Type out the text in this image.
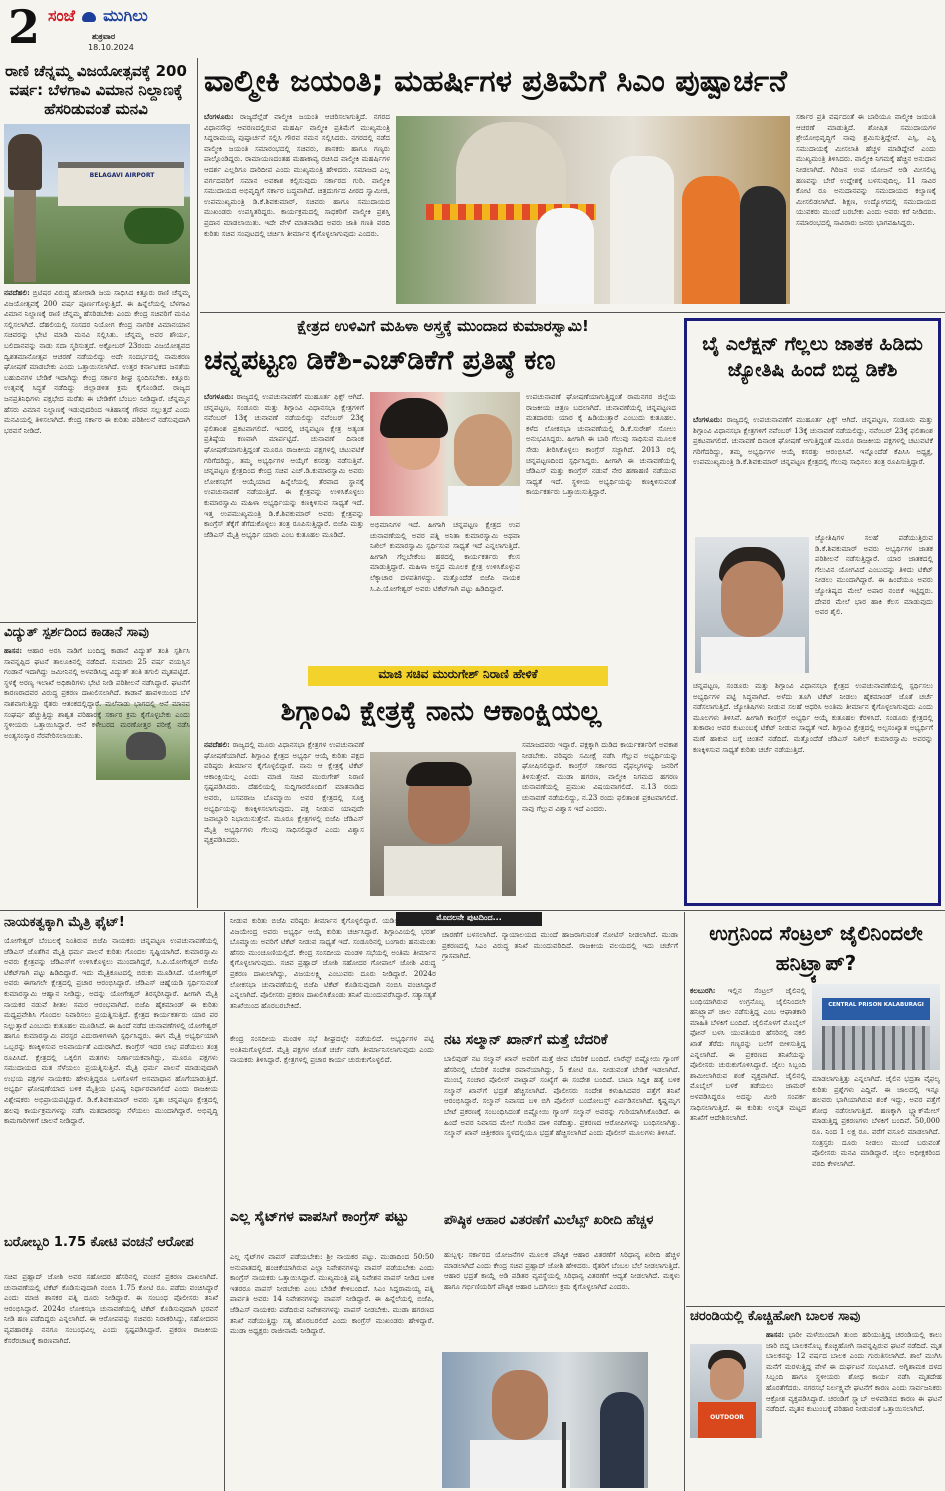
2 ಸಂಜೆ ಮುಗಿಲು
ಶುಕ್ರವಾರ
18.10.2024
ರಾಣಿ ಚೆನ್ನಮ್ಮ ವಿಜಯೋತ್ಸವಕ್ಕೆ 200 ವರ್ಷ: ಬೆಳಗಾವಿ ವಿಮಾನ ನಿಲ್ದಾಣಕ್ಕೆ ಹೆಸರಿಡುವಂತೆ ಮನವಿ
BELAGAVI AIRPORT

ನವದೆಹಲಿ: ಬ್ರಿಟಿಷರ ವಿರುದ್ಧ ಹೋರಾಡಿ ಜಯ ಸಾಧಿಸಿದ ಕಿತ್ತೂರು ರಾಣಿ ಚೆನ್ನಮ್ಮ ವಿಜಯೋತ್ಸವಕ್ಕೆ 200 ವರ್ಷ ಪೂರ್ಣಗೊಳ್ಳುತ್ತಿದೆ. ಈ ಹಿನ್ನೆಲೆಯಲ್ಲಿ ಬೆಳಗಾವಿ ವಿಮಾನ ನಿಲ್ದಾಣಕ್ಕೆ ರಾಣಿ ಚೆನ್ನಮ್ಮ ಹೆಸರಿಡಬೇಕು ಎಂದು ಕೇಂದ್ರ ಸಚಿವರಿಗೆ ಮನವಿ ಸಲ್ಲಿಸಲಾಗಿದೆ. ದೆಹಲಿಯಲ್ಲಿ ಸಂಸದರ ನಿಯೋಗ ಕೇಂದ್ರ ನಾಗರಿಕ ವಿಮಾನಯಾನ ಸಚಿವರನ್ನು ಭೇಟಿ ಮಾಡಿ ಮನವಿ ಸಲ್ಲಿಸಿತು. ಚೆನ್ನಮ್ಮ ಅವರ ಶೌರ್ಯ, ಬಲಿದಾನವನ್ನು ನಾಡು ಸದಾ ಸ್ಮರಿಸುತ್ತದೆ. ಅಕ್ಟೋಬರ್ 23ರಂದು ವಿಜಯೋತ್ಸವದ ದ್ವಿಶತಮಾನೋತ್ಸವ ಆಚರಣೆ ನಡೆಯಲಿದ್ದು ಅದೇ ಸಂದರ್ಭದಲ್ಲಿ ನಾಮಕರಣ ಘೋಷಣೆ ಮಾಡಬೇಕು ಎಂದು ಒತ್ತಾಯಿಸಲಾಗಿದೆ. ಉತ್ತರ ಕರ್ನಾಟಕದ ಜನತೆಯ ಬಹುದಿನಗಳ ಬೇಡಿಕೆ ಇದಾಗಿದ್ದು ಕೇಂದ್ರ ಸರ್ಕಾರ ಶೀಘ್ರ ಸ್ಪಂದಿಸಬೇಕು. ಕಿತ್ತೂರು ಉತ್ಸವಕ್ಕೆ ಸಿದ್ಧತೆ ನಡೆದಿದ್ದು ಜಿಲ್ಲಾಡಳಿತ ಕ್ರಮ ಕೈಗೊಂಡಿದೆ. ರಾಜ್ಯದ ಜನಪ್ರತಿನಿಧಿಗಳು ಪಕ್ಷಭೇದ ಮರೆತು ಈ ಬೇಡಿಕೆಗೆ ಬೆಂಬಲ ನೀಡಿದ್ದಾರೆ. ಚೆನ್ನಮ್ಮನ ಹೆಸರು ವಿಮಾನ ನಿಲ್ದಾಣಕ್ಕೆ ಇಡುವುದರಿಂದ ಇತಿಹಾಸಕ್ಕೆ ಗೌರವ ಸಲ್ಲುತ್ತದೆ ಎಂದು ಮನವಿಯಲ್ಲಿ ತಿಳಿಸಲಾಗಿದೆ. ಕೇಂದ್ರ ಸರ್ಕಾರ ಈ ಕುರಿತು ಪರಿಶೀಲನೆ ನಡೆಸುವುದಾಗಿ ಭರವಸೆ ನೀಡಿದೆ.

ವಿದ್ಯುತ್ ಸ್ಪರ್ಶದಿಂದ ಕಾಡಾನೆ ಸಾವು

ಹಾಸನ: ಆಹಾರ ಅರಸಿ ನಾಡಿಗೆ ಬಂದಿದ್ದ ಕಾಡಾನೆ ವಿದ್ಯುತ್ ತಂತಿ ಸ್ಪರ್ಶಿಸಿ ಸಾವನ್ನಪ್ಪಿದ ಘಟನೆ ತಾಲೂಕಿನಲ್ಲಿ ನಡೆದಿದೆ. ಸುಮಾರು 25 ವರ್ಷ ವಯಸ್ಸಿನ ಗಂಡಾನೆ ಇದಾಗಿದ್ದು ಜಮೀನಿನಲ್ಲಿ ಅಳವಡಿಸಿದ್ದ ವಿದ್ಯುತ್ ತಂತಿ ತಗುಲಿ ಮೃತಪಟ್ಟಿದೆ. ಸ್ಥಳಕ್ಕೆ ಅರಣ್ಯ ಇಲಾಖೆ ಅಧಿಕಾರಿಗಳು ಭೇಟಿ ನೀಡಿ ಪರಿಶೀಲನೆ ನಡೆಸಿದ್ದಾರೆ. ಘಟನೆಗೆ ಕಾರಣರಾದವರ ವಿರುದ್ಧ ಪ್ರಕರಣ ದಾಖಲಿಸಲಾಗಿದೆ. ಕಾಡಾನೆ ಹಾವಳಿಯಿಂದ ಬೆಳೆ ನಾಶವಾಗುತ್ತಿದ್ದು ರೈತರು ಆತಂಕದಲ್ಲಿದ್ದಾರೆ. ಮಲೆನಾಡು ಭಾಗದಲ್ಲಿ ಆನೆ ಮಾನವ ಸಂಘರ್ಷ ಹೆಚ್ಚುತ್ತಿದ್ದು ಶಾಶ್ವತ ಪರಿಹಾರಕ್ಕೆ ಸರ್ಕಾರ ಕ್ರಮ ಕೈಗೊಳ್ಳಬೇಕು ಎಂದು ಸ್ಥಳೀಯರು ಒತ್ತಾಯಿಸಿದ್ದಾರೆ. ಆನೆ ಕಳೇಬರದ ಮರಣೋತ್ತರ ಪರೀಕ್ಷೆ ನಡೆಸಿ ಅಂತ್ಯಸಂಸ್ಕಾರ ನೆರವೇರಿಸಲಾಯಿತು.

ವಾಲ್ಮೀಕಿ ಜಯಂತಿ; ಮಹರ್ಷಿಗಳ ಪ್ರತಿಮೆಗೆ ಸಿಎಂ ಪುಷ್ಪಾರ್ಚನೆ

ಬೆಂಗಳೂರು: ರಾಜ್ಯದೆಲ್ಲೆಡೆ ವಾಲ್ಮೀಕಿ ಜಯಂತಿ ಆಚರಿಸಲಾಗುತ್ತಿದೆ. ನಗರದ ವಿಧಾನಸೌಧ ಆವರಣದಲ್ಲಿರುವ ಮಹರ್ಷಿ ವಾಲ್ಮೀಕಿ ಪ್ರತಿಮೆಗೆ ಮುಖ್ಯಮಂತ್ರಿ ಸಿದ್ದರಾಮಯ್ಯ ಪುಷ್ಪಾರ್ಚನೆ ಸಲ್ಲಿಸಿ ಗೌರವ ನಮನ ಸಲ್ಲಿಸಿದರು. ನಗರದಲ್ಲಿ ನಡೆದ ವಾಲ್ಮೀಕಿ ಜಯಂತಿ ಸಮಾರಂಭದಲ್ಲಿ ಸಚಿವರು, ಶಾಸಕರು ಹಾಗೂ ಗಣ್ಯರು ಪಾಲ್ಗೊಂಡಿದ್ದರು. ರಾಮಾಯಣದಂತಹ ಮಹಾಕಾವ್ಯ ರಚಿಸಿದ ವಾಲ್ಮೀಕಿ ಮಹರ್ಷಿಗಳ ಆದರ್ಶ ಎಲ್ಲರಿಗೂ ದಾರಿದೀಪ ಎಂದು ಮುಖ್ಯಮಂತ್ರಿ ಹೇಳಿದರು. ಸಮಾಜದ ಎಲ್ಲ ವರ್ಗದವರಿಗೆ ಸಮಾನ ಅವಕಾಶ ಕಲ್ಪಿಸುವುದು ಸರ್ಕಾರದ ಗುರಿ. ವಾಲ್ಮೀಕಿ ಸಮುದಾಯದ ಅಭಿವೃದ್ಧಿಗೆ ಸರ್ಕಾರ ಬದ್ಧವಾಗಿದೆ. ಚಿತ್ರದುರ್ಗದ ಪೀಠದ ಸ್ವಾಮೀಜಿ, ಉಪಮುಖ್ಯಮಂತ್ರಿ ಡಿ.ಕೆ.ಶಿವಕುಮಾರ್, ಸಚಿವರು ಹಾಗೂ ಸಮುದಾಯದ ಮುಖಂಡರು ಉಪಸ್ಥಿತರಿದ್ದರು. ಕಾರ್ಯಕ್ರಮದಲ್ಲಿ ಸಾಧಕರಿಗೆ ವಾಲ್ಮೀಕಿ ಪ್ರಶಸ್ತಿ ಪ್ರದಾನ ಮಾಡಲಾಯಿತು. ಇದೇ ವೇಳೆ ಮಾತನಾಡಿದ ಅವರು ಜಾತಿ ಗಣತಿ ವರದಿ ಕುರಿತು ಸಚಿವ ಸಂಪುಟದಲ್ಲಿ ಚರ್ಚಿಸಿ ತೀರ್ಮಾನ ಕೈಗೊಳ್ಳಲಾಗುವುದು ಎಂದರು.

ಸರ್ಕಾರ ಪ್ರತಿ ವರ್ಷದಂತೆ ಈ ಬಾರಿಯೂ ವಾಲ್ಮೀಕಿ ಜಯಂತಿ ಆಚರಣೆ ಮಾಡುತ್ತಿದೆ. ಶೋಷಿತ ಸಮುದಾಯಗಳ ಶ್ರೇಯೋಭಿವೃದ್ಧಿಗೆ ನಾವು ಶ್ರಮಿಸುತ್ತಿದ್ದೇವೆ. ಎಸ್ಸಿ, ಎಸ್ಟಿ ಸಮುದಾಯಕ್ಕೆ ಮೀಸಲಾತಿ ಹೆಚ್ಚಳ ಮಾಡಿದ್ದೇವೆ ಎಂದು ಮುಖ್ಯಮಂತ್ರಿ ತಿಳಿಸಿದರು. ವಾಲ್ಮೀಕಿ ನಿಗಮಕ್ಕೆ ಹೆಚ್ಚಿನ ಅನುದಾನ ನೀಡಲಾಗಿದೆ. ಗಿರಿಜನ ಉಪ ಯೋಜನೆ ಅಡಿ ಮೀಸಲಿಟ್ಟ ಹಣವನ್ನು ಬೇರೆ ಉದ್ದೇಶಕ್ಕೆ ಬಳಸುವುದಿಲ್ಲ. 11 ಸಾವಿರ ಕೋಟಿ ರೂ ಅನುದಾನವನ್ನು ಸಮುದಾಯದ ಕಲ್ಯಾಣಕ್ಕೆ ಮೀಸಲಿಡಲಾಗಿದೆ. ಶಿಕ್ಷಣ, ಉದ್ಯೋಗದಲ್ಲಿ ಸಮುದಾಯದ ಯುವಕರು ಮುಂದೆ ಬರಬೇಕು ಎಂದು ಅವರು ಕರೆ ನೀಡಿದರು. ಸಮಾರಂಭದಲ್ಲಿ ಸಾವಿರಾರು ಜನರು ಭಾಗವಹಿಸಿದ್ದರು.

ಕ್ಷೇತ್ರದ ಉಳಿವಿಗೆ ಮಹಿಳಾ ಅಸ್ತ್ರಕ್ಕೆ ಮುಂದಾದ ಕುಮಾರಸ್ವಾಮಿ!
ಚನ್ನಪಟ್ಟಣ ಡಿಕೆಶಿ-ಎಚ್‌ಡಿಕೆಗೆ ಪ್ರತಿಷ್ಠೆ ಕಣ

ಬೆಂಗಳೂರು: ರಾಜ್ಯದಲ್ಲಿ ಉಪಚುನಾವಣೆಗೆ ಮುಹೂರ್ತ ಫಿಕ್ಸ್ ಆಗಿದೆ. ಚನ್ನಪಟ್ಟಣ, ಸಂಡೂರು ಮತ್ತು ಶಿಗ್ಗಾಂವಿ ವಿಧಾನಸಭಾ ಕ್ಷೇತ್ರಗಳಿಗೆ ನವೆಂಬರ್ 13ಕ್ಕೆ ಚುನಾವಣೆ ನಡೆಯಲಿದ್ದು ನವೆಂಬರ್ 23ಕ್ಕೆ ಫಲಿತಾಂಶ ಪ್ರಕಟವಾಗಲಿದೆ. ಇದರಲ್ಲಿ ಚನ್ನಪಟ್ಟಣ ಕ್ಷೇತ್ರ ಅತ್ಯಂತ ಪ್ರತಿಷ್ಠೆಯ ಕಣವಾಗಿ ಮಾರ್ಪಟ್ಟಿದೆ. ಚುನಾವಣೆ ದಿನಾಂಕ ಘೋಷಣೆಯಾಗುತ್ತಿದ್ದಂತೆ ಮೂರೂ ರಾಜಕೀಯ ಪಕ್ಷಗಳಲ್ಲಿ ಚಟುವಟಿಕೆ ಗರಿಗೆದರಿದ್ದು, ತಮ್ಮ ಅಭ್ಯರ್ಥಿಗಳ ಆಯ್ಕೆಗೆ ಕಸರತ್ತು ನಡೆಸುತ್ತಿವೆ. ಚನ್ನಪಟ್ಟಣ ಕ್ಷೇತ್ರದಿಂದ ಕೇಂದ್ರ ಸಚಿವ ಎಚ್.ಡಿ.ಕುಮಾರಸ್ವಾಮಿ ಅವರು ಲೋಕಸಭೆಗೆ ಆಯ್ಕೆಯಾದ ಹಿನ್ನೆಲೆಯಲ್ಲಿ ತೆರವಾದ ಸ್ಥಾನಕ್ಕೆ ಉಪಚುನಾವಣೆ ನಡೆಯುತ್ತಿದೆ. ಈ ಕ್ಷೇತ್ರವನ್ನು ಉಳಿಸಿಕೊಳ್ಳಲು ಕುಮಾರಸ್ವಾಮಿ ಮಹಿಳಾ ಅಭ್ಯರ್ಥಿಯನ್ನು ಕಣಕ್ಕಿಳಿಸುವ ಸಾಧ್ಯತೆ ಇದೆ. ಇತ್ತ ಉಪಮುಖ್ಯಮಂತ್ರಿ ಡಿ.ಕೆ.ಶಿವಕುಮಾರ್ ಅವರು ಕ್ಷೇತ್ರವನ್ನು ಕಾಂಗ್ರೆಸ್ ತೆಕ್ಕೆಗೆ ತೆಗೆದುಕೊಳ್ಳಲು ತಂತ್ರ ರೂಪಿಸುತ್ತಿದ್ದಾರೆ. ಬಿಜೆಪಿ ಮತ್ತು ಜೆಡಿಎಸ್ ಮೈತ್ರಿ ಅಭ್ಯರ್ಥಿ ಯಾರು ಎಂಬ ಕುತೂಹಲ ಮೂಡಿದೆ.

ಅಭಿಮಾನಿಗಳ ಇದೆ. ಹೀಗಾಗಿ ಚನ್ನಪಟ್ಟಣ ಕ್ಷೇತ್ರದ ಉಪ ಚುನಾವಣೆಯಲ್ಲಿ ಅವರ ಪತ್ನಿ ಅನಿತಾ ಕುಮಾರಸ್ವಾಮಿ ಅಥವಾ ನಿಖಿಲ್ ಕುಮಾರಸ್ವಾಮಿ ಸ್ಪರ್ಧಿಸುವ ಸಾಧ್ಯತೆ ಇದೆ ಎನ್ನಲಾಗುತ್ತಿದೆ. ಹೀಗಾಗಿ ಗೆಲ್ಲಬೇಕೆಂಬ ಹಠದಲ್ಲಿ ಕಾರ್ಯಕರ್ತರು ಕೆಲಸ ಮಾಡುತ್ತಿದ್ದಾರೆ. ಮಹಿಳಾ ಅಸ್ತ್ರದ ಮೂಲಕ ಕ್ಷೇತ್ರ ಉಳಿಸಿಕೊಳ್ಳುವ ಲೆಕ್ಕಾಚಾರ ದಳಪತಿಗಳದ್ದು. ಮತ್ತೊಂದೆಡೆ ಬಿಜೆಪಿ ನಾಯಕ ಸಿ.ಪಿ.ಯೋಗೇಶ್ವರ್ ಅವರು ಟಿಕೆಟ್‌ಗಾಗಿ ಪಟ್ಟು ಹಿಡಿದಿದ್ದಾರೆ.

ಉಪಚುನಾವಣೆ ಘೋಷಣೆಯಾಗುತ್ತಿದ್ದಂತೆ ರಾಮನಗರ ಜಿಲ್ಲೆಯ ರಾಜಕೀಯ ಚಿತ್ರಣ ಬದಲಾಗಿದೆ. ಚುನಾವಣೆಯಲ್ಲಿ ಚನ್ನಪಟ್ಟಣದ ಮತದಾರರು ಯಾರ ಕೈ ಹಿಡಿಯುತ್ತಾರೆ ಎಂಬುದು ಕುತೂಹಲ. ಕಳೆದ ಲೋಕಸಭಾ ಚುನಾವಣೆಯಲ್ಲಿ ಡಿ.ಕೆ.ಸುರೇಶ್ ಸೋಲು ಅನುಭವಿಸಿದ್ದರು. ಹೀಗಾಗಿ ಈ ಬಾರಿ ಗೆಲುವು ಸಾಧಿಸುವ ಮೂಲಕ ಸೇಡು ತೀರಿಸಿಕೊಳ್ಳಲು ಕಾಂಗ್ರೆಸ್ ಸಜ್ಜಾಗಿದೆ. 2013 ರಲ್ಲಿ ಚನ್ನಪಟ್ಟಣದಿಂದ ಸ್ಪರ್ಧಿಸಿದ್ದರು. ಹೀಗಾಗಿ ಈ ಚುನಾವಣೆಯಲ್ಲಿ ಜೆಡಿಎಸ್ ಮತ್ತು ಕಾಂಗ್ರೆಸ್ ನಡುವೆ ನೇರ ಹಣಾಹಣಿ ನಡೆಯುವ ಸಾಧ್ಯತೆ ಇದೆ. ಸ್ಥಳೀಯ ಅಭ್ಯರ್ಥಿಯನ್ನು ಕಣಕ್ಕಿಳಿಸುವಂತೆ ಕಾರ್ಯಕರ್ತರು ಒತ್ತಾಯಿಸುತ್ತಿದ್ದಾರೆ.

ಬೈ ಎಲೆಕ್ಷನ್ ಗೆಲ್ಲಲು ಜಾತಕ ಹಿಡಿದು ಜ್ಯೋತಿಷಿ ಹಿಂದೆ ಬಿದ್ದ ಡಿಕೆಶಿ

ಬೆಂಗಳೂರು: ರಾಜ್ಯದಲ್ಲಿ ಉಪಚುನಾವಣೆಗೆ ಮುಹೂರ್ತ ಫಿಕ್ಸ್ ಆಗಿದೆ. ಚನ್ನಪಟ್ಟಣ, ಸಂಡೂರು ಮತ್ತು ಶಿಗ್ಗಾಂವಿ ವಿಧಾನಸಭಾ ಕ್ಷೇತ್ರಗಳಿಗೆ ನವೆಂಬರ್ 13ಕ್ಕೆ ಚುನಾವಣೆ ನಡೆಯಲಿದ್ದು, ನವೆಂಬರ್ 23ಕ್ಕೆ ಫಲಿತಾಂಶ ಪ್ರಕಟವಾಗಲಿದೆ. ಚುನಾವಣೆ ದಿನಾಂಕ ಘೋಷಣೆ ಆಗುತ್ತಿದ್ದಂತೆ ಮೂರೂ ರಾಜಕೀಯ ಪಕ್ಷಗಳಲ್ಲಿ ಚಟುವಟಿಕೆ ಗರಿಗೆದರಿದ್ದು, ತಮ್ಮ ಅಭ್ಯರ್ಥಿಗಳ ಆಯ್ಕೆ ಕಸರತ್ತು ಆರಂಭಿಸಿವೆ. ಇನ್ನೊಂದೆಡೆ ಕೆಪಿಸಿಸಿ ಅಧ್ಯಕ್ಷ, ಉಪಮುಖ್ಯಮಂತ್ರಿ ಡಿ.ಕೆ.ಶಿವಕುಮಾರ್ ಚನ್ನಪಟ್ಟಣ ಕ್ಷೇತ್ರದಲ್ಲಿ ಗೆಲುವು ಸಾಧಿಸಲು ತಂತ್ರ ರೂಪಿಸುತ್ತಿದ್ದಾರೆ.

ಜ್ಯೋತಿಷಿಗಳ ಸಲಹೆ ಪಡೆಯುತ್ತಿರುವ ಡಿ.ಕೆ.ಶಿವಕುಮಾರ್ ಅವರು ಅಭ್ಯರ್ಥಿಗಳ ಜಾತಕ ಪರಿಶೀಲನೆ ನಡೆಸುತ್ತಿದ್ದಾರೆ. ಯಾರ ಜಾತಕದಲ್ಲಿ ಗೆಲುವಿನ ಯೋಗವಿದೆ ಎಂಬುದನ್ನು ತಿಳಿದು ಟಿಕೆಟ್ ನೀಡಲು ಮುಂದಾಗಿದ್ದಾರೆ. ಈ ಹಿಂದೆಯೂ ಅವರು ಜ್ಯೋತಿಷ್ಯದ ಮೇಲೆ ಅಪಾರ ನಂಬಿಕೆ ಇಟ್ಟಿದ್ದರು. ದೇವರ ಮೇಲೆ ಭಾರ ಹಾಕಿ ಕೆಲಸ ಮಾಡುವುದು ಅವರ ಶೈಲಿ.

ಚನ್ನಪಟ್ಟಣ, ಸಂಡೂರು ಮತ್ತು ಶಿಗ್ಗಾಂವಿ ವಿಧಾನಸಭಾ ಕ್ಷೇತ್ರದ ಉಪಚುನಾವಣೆಯಲ್ಲಿ ಸ್ಪರ್ಧಿಸಲು ಅಭ್ಯರ್ಥಿಗಳ ಪಟ್ಟಿ ಸಿದ್ಧವಾಗಿದೆ. ಅಳೆದು ತೂಗಿ ಟಿಕೆಟ್ ನೀಡಲು ಹೈಕಮಾಂಡ್ ಜೊತೆ ಚರ್ಚೆ ನಡೆಸಲಾಗುತ್ತಿದೆ. ಜ್ಯೋತಿಷಿಗಳು ನೀಡುವ ಸಲಹೆ ಆಧರಿಸಿ ಅಂತಿಮ ತೀರ್ಮಾನ ಕೈಗೊಳ್ಳಲಾಗುವುದು ಎಂದು ಮೂಲಗಳು ತಿಳಿಸಿವೆ. ಹೀಗಾಗಿ ಕಾಂಗ್ರೆಸ್ ಅಭ್ಯರ್ಥಿ ಆಯ್ಕೆ ಕುತೂಹಲ ಕೆರಳಿಸಿದೆ. ಸಂಡೂರು ಕ್ಷೇತ್ರದಲ್ಲಿ ತುಕಾರಾಂ ಅವರ ಕುಟುಂಬಕ್ಕೆ ಟಿಕೆಟ್ ನೀಡುವ ಸಾಧ್ಯತೆ ಇದೆ. ಶಿಗ್ಗಾಂವಿ ಕ್ಷೇತ್ರದಲ್ಲಿ ಅಲ್ಪಸಂಖ್ಯಾತ ಅಭ್ಯರ್ಥಿಗೆ ಮಣೆ ಹಾಕುವ ಬಗ್ಗೆ ಚಿಂತನೆ ನಡೆದಿದೆ. ಮತ್ತೊಂದೆಡೆ ಜೆಡಿಎಸ್ ನಿಖಿಲ್ ಕುಮಾರಸ್ವಾಮಿ ಅವರನ್ನು ಕಣಕ್ಕಿಳಿಸುವ ಸಾಧ್ಯತೆ ಕುರಿತು ಚರ್ಚೆ ನಡೆಯುತ್ತಿದೆ.

ಮಾಜಿ ಸಚಿವ ಮುರುಗೇಶ್ ನಿರಾಣಿ ಹೇಳಿಕೆ
ಶಿಗ್ಗಾಂವಿ ಕ್ಷೇತ್ರಕ್ಕೆ ನಾನು ಆಕಾಂಕ್ಷಿಯಲ್ಲ

ನವದೆಹಲಿ: ರಾಜ್ಯದಲ್ಲಿ ಮೂರು ವಿಧಾನಸಭಾ ಕ್ಷೇತ್ರಗಳ ಉಪಚುನಾವಣೆ ಘೋಷಣೆಯಾಗಿದೆ. ಶಿಗ್ಗಾಂವಿ ಕ್ಷೇತ್ರದ ಅಭ್ಯರ್ಥಿ ಆಯ್ಕೆ ಕುರಿತು ಪಕ್ಷದ ವರಿಷ್ಠರು ತೀರ್ಮಾನ ಕೈಗೊಳ್ಳಲಿದ್ದಾರೆ. ನಾನು ಆ ಕ್ಷೇತ್ರಕ್ಕೆ ಟಿಕೆಟ್ ಆಕಾಂಕ್ಷಿಯಲ್ಲ ಎಂದು ಮಾಜಿ ಸಚಿವ ಮುರುಗೇಶ್ ನಿರಾಣಿ ಸ್ಪಷ್ಟಪಡಿಸಿದರು. ದೆಹಲಿಯಲ್ಲಿ ಸುದ್ದಿಗಾರರೊಂದಿಗೆ ಮಾತನಾಡಿದ ಅವರು, ಬಸವರಾಜ ಬೊಮ್ಮಾಯಿ ಅವರ ಕ್ಷೇತ್ರದಲ್ಲಿ ಸೂಕ್ತ ಅಭ್ಯರ್ಥಿಯನ್ನು ಕಣಕ್ಕಿಳಿಸಲಾಗುವುದು. ಪಕ್ಷ ನೀಡುವ ಯಾವುದೇ ಜವಾಬ್ದಾರಿ ನಿಭಾಯಿಸುತ್ತೇನೆ. ಮೂರೂ ಕ್ಷೇತ್ರಗಳಲ್ಲಿ ಬಿಜೆಪಿ ಜೆಡಿಎಸ್ ಮೈತ್ರಿ ಅಭ್ಯರ್ಥಿಗಳು ಗೆಲುವು ಸಾಧಿಸಲಿದ್ದಾರೆ ಎಂದು ವಿಶ್ವಾಸ ವ್ಯಕ್ತಪಡಿಸಿದರು.

ಸಮಾಜದವರು ಇದ್ದಾರೆ. ಪಕ್ಷಕ್ಕಾಗಿ ದುಡಿದ ಕಾರ್ಯಕರ್ತರಿಗೆ ಅವಕಾಶ ನೀಡಬೇಕು. ವರಿಷ್ಠರು ಸಮೀಕ್ಷೆ ನಡೆಸಿ ಗೆಲ್ಲುವ ಅಭ್ಯರ್ಥಿಯನ್ನು ಘೋಷಿಸಲಿದ್ದಾರೆ. ಕಾಂಗ್ರೆಸ್ ಸರ್ಕಾರದ ವೈಫಲ್ಯಗಳನ್ನು ಜನರಿಗೆ ತಿಳಿಸುತ್ತೇವೆ. ಮುಡಾ ಹಗರಣ, ವಾಲ್ಮೀಕಿ ನಿಗಮದ ಹಗರಣ ಚುನಾವಣೆಯಲ್ಲಿ ಪ್ರಮುಖ ವಿಷಯವಾಗಲಿದೆ. ನ.13 ರಂದು ಚುನಾವಣೆ ನಡೆಯಲಿದ್ದು, ನ.23 ರಂದು ಫಲಿತಾಂಶ ಪ್ರಕಟವಾಗಲಿದೆ. ನಾವು ಗೆಲ್ಲುವ ವಿಶ್ವಾಸ ಇದೆ ಎಂದರು.

ನಾಯಕತ್ವಕ್ಕಾಗಿ ಮೈತ್ರಿ ಫೈಟ್!

ಯೋಗೇಶ್ವರ್ ಬೆಂಬಲಕ್ಕೆ ನಿಂತಿರುವ ಬಿಜೆಪಿ ನಾಯಕರು ಚನ್ನಪಟ್ಟಣ ಉಪಚುನಾವಣೆಯಲ್ಲಿ ಜೆಡಿಎಸ್ ಜೊತೆಗಿನ ಮೈತ್ರಿ ಧರ್ಮ ಪಾಲನೆ ಕುರಿತು ಗೊಂದಲ ಸೃಷ್ಟಿಯಾಗಿದೆ. ಕುಮಾರಸ್ವಾಮಿ ಅವರು ಕ್ಷೇತ್ರವನ್ನು ಜೆಡಿಎಸ್‌ಗೆ ಉಳಿಸಿಕೊಳ್ಳಲು ಮುಂದಾಗಿದ್ದರೆ, ಸಿ.ಪಿ.ಯೋಗೇಶ್ವರ್ ಬಿಜೆಪಿ ಟಿಕೆಟ್‌ಗಾಗಿ ಪಟ್ಟು ಹಿಡಿದಿದ್ದಾರೆ. ಇದು ಮೈತ್ರಿಕೂಟದಲ್ಲಿ ಬಿರುಕು ಮೂಡಿಸಿದೆ. ಯೋಗೇಶ್ವರ್ ಅವರು ಈಗಾಗಲೇ ಕ್ಷೇತ್ರದಲ್ಲಿ ಪ್ರಚಾರ ಆರಂಭಿಸಿದ್ದಾರೆ. ಜೆಡಿಎಸ್ ಚಿಹ್ನೆಯಡಿ ಸ್ಪರ್ಧಿಸುವಂತೆ ಕುಮಾರಸ್ವಾಮಿ ಆಹ್ವಾನ ನೀಡಿದ್ದು, ಅದನ್ನು ಯೋಗೇಶ್ವರ್ ತಿರಸ್ಕರಿಸಿದ್ದಾರೆ. ಹೀಗಾಗಿ ಮೈತ್ರಿ ನಾಯಕರ ನಡುವೆ ಶೀತಲ ಸಮರ ಆರಂಭವಾಗಿದೆ. ಬಿಜೆಪಿ ಹೈಕಮಾಂಡ್ ಈ ಕುರಿತು ಮಧ್ಯಪ್ರವೇಶಿಸಿ ಗೊಂದಲ ನಿವಾರಿಸಲು ಪ್ರಯತ್ನಿಸುತ್ತಿದೆ. ಕ್ಷೇತ್ರದ ಕಾರ್ಯಕರ್ತರು ಯಾರ ಪರ ನಿಲ್ಲುತ್ತಾರೆ ಎಂಬುದು ಕುತೂಹಲ ಮೂಡಿಸಿದೆ. ಈ ಹಿಂದೆ ನಡೆದ ಚುನಾವಣೆಗಳಲ್ಲಿ ಯೋಗೇಶ್ವರ್ ಹಾಗೂ ಕುಮಾರಸ್ವಾಮಿ ಪರಸ್ಪರ ಎದುರಾಳಿಗಳಾಗಿ ಸ್ಪರ್ಧಿಸಿದ್ದರು. ಈಗ ಮೈತ್ರಿ ಅಭ್ಯರ್ಥಿಯಾಗಿ ಒಬ್ಬರನ್ನು ಕಣಕ್ಕಿಳಿಸುವ ಅನಿವಾರ್ಯತೆ ಎದುರಾಗಿದೆ. ಕಾಂಗ್ರೆಸ್ ಇದರ ಲಾಭ ಪಡೆಯಲು ತಂತ್ರ ರೂಪಿಸಿದೆ. ಕ್ಷೇತ್ರದಲ್ಲಿ ಒಕ್ಕಲಿಗ ಮತಗಳು ನಿರ್ಣಾಯಕವಾಗಿದ್ದು, ಮೂರೂ ಪಕ್ಷಗಳು ಸಮುದಾಯದ ಮತ ಸೆಳೆಯಲು ಪ್ರಯತ್ನಿಸುತ್ತಿವೆ. ಮೈತ್ರಿ ಧರ್ಮ ಪಾಲನೆ ಮಾಡುವುದಾಗಿ ಉಭಯ ಪಕ್ಷಗಳ ನಾಯಕರು ಹೇಳುತ್ತಿದ್ದರೂ ಒಳಗೊಳಗೆ ಅಸಮಾಧಾನ ಹೊಗೆಯಾಡುತ್ತಿದೆ. ಅಭ್ಯರ್ಥಿ ಘೋಷಣೆಯಾದ ಬಳಿಕ ಮೈತ್ರಿಯ ಭವಿಷ್ಯ ನಿರ್ಧಾರವಾಗಲಿದೆ ಎಂದು ರಾಜಕೀಯ ವಿಶ್ಲೇಷಕರು ಅಭಿಪ್ರಾಯಪಟ್ಟಿದ್ದಾರೆ. ಡಿ.ಕೆ.ಶಿವಕುಮಾರ್ ಅವರು ಸ್ವತಃ ಚನ್ನಪಟ್ಟಣ ಕ್ಷೇತ್ರದಲ್ಲಿ ಹಲವು ಕಾರ್ಯಕ್ರಮಗಳನ್ನು ನಡೆಸಿ ಮತದಾರರನ್ನು ಸೆಳೆಯಲು ಮುಂದಾಗಿದ್ದಾರೆ. ಅಭಿವೃದ್ಧಿ ಕಾಮಗಾರಿಗಳಿಗೆ ಚಾಲನೆ ನೀಡಿದ್ದಾರೆ.

ಬರೋಬ್ಬರಿ 1.75 ಕೋಟಿ ವಂಚನೆ ಆರೋಪ

ಸಚಿವ ಪ್ರಹ್ಲಾದ್ ಜೋಶಿ ಅವರ ಸಹೋದರ ಹೆಸರಿನಲ್ಲಿ ವಂಚನೆ ಪ್ರಕರಣ ದಾಖಲಾಗಿದೆ. ಚುನಾವಣೆಯಲ್ಲಿ ಟಿಕೆಟ್ ಕೊಡಿಸುವುದಾಗಿ ನಂಬಿಸಿ 1.75 ಕೋಟಿ ರೂ. ಪಡೆದು ವಂಚಿಸಿದ್ದಾರೆ ಎಂದು ಮಾಜಿ ಶಾಸಕರ ಪತ್ನಿ ದೂರು ನೀಡಿದ್ದಾರೆ. ಈ ಸಂಬಂಧ ಪೊಲೀಸರು ತನಿಖೆ ಆರಂಭಿಸಿದ್ದಾರೆ. 2024ರ ಲೋಕಸಭಾ ಚುನಾವಣೆಯಲ್ಲಿ ಟಿಕೆಟ್ ಕೊಡಿಸುವುದಾಗಿ ಭರವಸೆ ನೀಡಿ ಹಣ ಪಡೆದಿದ್ದರು ಎನ್ನಲಾಗಿದೆ. ಈ ಆರೋಪವನ್ನು ಸಚಿವರು ನಿರಾಕರಿಸಿದ್ದು, ಸಹೋದರನ ವ್ಯವಹಾರಕ್ಕೂ ನನಗೂ ಸಂಬಂಧವಿಲ್ಲ ಎಂದು ಸ್ಪಷ್ಟಪಡಿಸಿದ್ದಾರೆ. ಪ್ರಕರಣ ರಾಜಕೀಯ ಕೆಸರೆರಚಾಟಕ್ಕೆ ಕಾರಣವಾಗಿದೆ.

ಮೊದಲನೇ ಪುಟದಿಂದ...

ನೀಡುವ ಕುರಿತು ಬಿಜೆಪಿ ವರಿಷ್ಠರು ತೀರ್ಮಾನ ಕೈಗೊಳ್ಳಲಿದ್ದಾರೆ. ಯಡಿಯೂರಪ್ಪ ಹಾಗೂ ವಿಜಯೇಂದ್ರ ಅವರು ಅಭ್ಯರ್ಥಿ ಆಯ್ಕೆ ಕುರಿತು ಚರ್ಚಿಸಿದ್ದಾರೆ. ಶಿಗ್ಗಾಂವಿಯಲ್ಲಿ ಭರತ್ ಬೊಮ್ಮಾಯಿ ಅವರಿಗೆ ಟಿಕೆಟ್ ನೀಡುವ ಸಾಧ್ಯತೆ ಇದೆ. ಸಂಡೂರಿನಲ್ಲಿ ಬಂಗಾರು ಹನುಮಂತು ಹೆಸರು ಮುಂಚೂಣಿಯಲ್ಲಿದೆ. ಕೇಂದ್ರ ಸಂಸದೀಯ ಮಂಡಳಿ ಸಭೆಯಲ್ಲಿ ಅಂತಿಮ ತೀರ್ಮಾನ ಕೈಗೊಳ್ಳಲಾಗುವುದು. ಸಚಿವ ಪ್ರಹ್ಲಾದ್ ಜೋಶಿ ಸಹೋದರ ಗೋಪಾಲ್ ಜೋಶಿ ವಿರುದ್ಧ ಪ್ರಕರಣ ದಾಖಲಾಗಿದ್ದು, ವಿಜಯಲಕ್ಷ್ಮಿ ಎಂಬುವರು ದೂರು ನೀಡಿದ್ದಾರೆ. 2024ರ ಲೋಕಸಭಾ ಚುನಾವಣೆಯಲ್ಲಿ ಬಿಜೆಪಿ ಟಿಕೆಟ್ ಕೊಡಿಸುವುದಾಗಿ ನಂಬಿಸಿ ವಂಚಿಸಿದ್ದಾರೆ ಎನ್ನಲಾಗಿದೆ. ಪೊಲೀಸರು ಪ್ರಕರಣ ದಾಖಲಿಸಿಕೊಂಡು ತನಿಖೆ ಮುಂದುವರೆಸಿದ್ದಾರೆ. ಸತ್ಯಾಸತ್ಯತೆ ತನಿಖೆಯಿಂದ ಹೊರಬರಬೇಕಿದೆ.

ಚಾರಣೆಗೆ ಬಳಸಲಾಗಿದೆ. ನ್ಯಾಯಾಲಯದ ಮುಂದೆ ಹಾಜರಾಗುವಂತೆ ನೋಟಿಸ್ ನೀಡಲಾಗಿದೆ. ಮುಡಾ ಪ್ರಕರಣದಲ್ಲಿ ಸಿಎಂ ವಿರುದ್ಧ ತನಿಖೆ ಮುಂದುವರಿದಿದೆ. ರಾಜಕೀಯ ವಲಯದಲ್ಲಿ ಇದು ಚರ್ಚೆಗೆ ಗ್ರಾಸವಾಗಿದೆ.

ನಟ ಸಲ್ಮಾನ್ ಖಾನ್‌ಗೆ ಮತ್ತೆ ಬೆದರಿಕೆ

ಬಾಲಿವುಡ್ ನಟ ಸಲ್ಮಾನ್ ಖಾನ್ ಅವರಿಗೆ ಮತ್ತೆ ಜೀವ ಬೆದರಿಕೆ ಬಂದಿದೆ. ಲಾರೆನ್ಸ್ ಬಿಷ್ಣೋಯಿ ಗ್ಯಾಂಗ್ ಹೆಸರಿನಲ್ಲಿ ಬೆದರಿಕೆ ಸಂದೇಶ ರವಾನೆಯಾಗಿದ್ದು, 5 ಕೋಟಿ ರೂ. ನೀಡುವಂತೆ ಬೇಡಿಕೆ ಇಡಲಾಗಿದೆ. ಮುಂಬೈ ಸಂಚಾರ ಪೊಲೀಸ್ ವಾಟ್ಸಾಪ್ ಸಂಖ್ಯೆಗೆ ಈ ಸಂದೇಶ ಬಂದಿದೆ. ಬಾಬಾ ಸಿದ್ದಿಕಿ ಹತ್ಯೆ ಬಳಿಕ ಸಲ್ಮಾನ್ ಖಾನ್‌ಗೆ ಭದ್ರತೆ ಹೆಚ್ಚಿಸಲಾಗಿದೆ. ಪೊಲೀಸರು ಸಂದೇಶ ಕಳುಹಿಸಿದವರ ಪತ್ತೆಗೆ ತನಿಖೆ ಆರಂಭಿಸಿದ್ದಾರೆ. ಸಲ್ಮಾನ್ ನಿವಾಸದ ಬಳಿ ಬಿಗಿ ಪೊಲೀಸ್ ಬಂದೋಬಸ್ತ್ ಏರ್ಪಡಿಸಲಾಗಿದೆ. ಕೃಷ್ಣಮೃಗ ಬೇಟೆ ಪ್ರಕರಣಕ್ಕೆ ಸಂಬಂಧಿಸಿದಂತೆ ಬಿಷ್ಣೋಯಿ ಗ್ಯಾಂಗ್ ಸಲ್ಮಾನ್ ಅವರನ್ನು ಗುರಿಯಾಗಿಸಿಕೊಂಡಿದೆ. ಈ ಹಿಂದೆ ಅವರ ನಿವಾಸದ ಮೇಲೆ ಗುಂಡಿನ ದಾಳಿ ನಡೆದಿತ್ತು. ಪ್ರಕರಣದ ಆರೋಪಿಗಳನ್ನು ಬಂಧಿಸಲಾಗಿತ್ತು. ಸಲ್ಮಾನ್ ಖಾನ್ ಚಿತ್ರೀಕರಣ ಸ್ಥಳದಲ್ಲಿಯೂ ಭದ್ರತೆ ಹೆಚ್ಚಿಸಲಾಗಿದೆ ಎಂದು ಪೊಲೀಸ್ ಮೂಲಗಳು ತಿಳಿಸಿವೆ.

ಕೇಂದ್ರ ಸಂಸದೀಯ ಮಂಡಳಿ ಸಭೆ ಶೀಘ್ರದಲ್ಲೇ ನಡೆಯಲಿದೆ. ಅಭ್ಯರ್ಥಿಗಳ ಪಟ್ಟಿ ಅಂತಿಮಗೊಳ್ಳಲಿದೆ. ಮೈತ್ರಿ ಪಕ್ಷಗಳ ಜೊತೆ ಚರ್ಚೆ ನಡೆಸಿ ತೀರ್ಮಾನಿಸಲಾಗುವುದು ಎಂದು ನಾಯಕರು ತಿಳಿಸಿದ್ದಾರೆ. ಕ್ಷೇತ್ರಗಳಲ್ಲಿ ಪ್ರಚಾರ ಕಾರ್ಯ ಚುರುಕುಗೊಳ್ಳಲಿದೆ.

ಎಲ್ಲ ಸೈಟ್‌ಗಳ ವಾಪಸಿಗೆ ಕಾಂಗ್ರೆಸ್ ಪಟ್ಟು

ಎಲ್ಲ ಸೈಟ್‌ಗಳ ವಾಪಸ್ ಪಡೆಯಬೇಕು: ಶ್ರೀ ನಾಯಕರ ಪಟ್ಟು. ಮುಡಾದಿಂದ 50:50 ಅನುಪಾತದಲ್ಲಿ ಹಂಚಿಕೆಯಾಗಿರುವ ಎಲ್ಲಾ ನಿವೇಶನಗಳನ್ನು ವಾಪಸ್ ಪಡೆಯಬೇಕು ಎಂದು ಕಾಂಗ್ರೆಸ್ ನಾಯಕರು ಒತ್ತಾಯಿಸಿದ್ದಾರೆ. ಮುಖ್ಯಮಂತ್ರಿ ಪತ್ನಿ ನಿವೇಶನ ವಾಪಸ್ ನೀಡಿದ ಬಳಿಕ ಇತರರೂ ವಾಪಸ್ ನೀಡಬೇಕು ಎಂಬ ಬೇಡಿಕೆ ಕೇಳಿಬಂದಿದೆ. ಸಿಎಂ ಸಿದ್ದರಾಮಯ್ಯ ಪತ್ನಿ ಪಾರ್ವತಿ ಅವರು 14 ನಿವೇಶನಗಳನ್ನು ವಾಪಸ್ ನೀಡಿದ್ದಾರೆ. ಈ ಹಿನ್ನೆಲೆಯಲ್ಲಿ ಬಿಜೆಪಿ, ಜೆಡಿಎಸ್ ನಾಯಕರು ಪಡೆದಿರುವ ನಿವೇಶನಗಳನ್ನು ವಾಪಸ್ ನೀಡಬೇಕು. ಮುಡಾ ಹಗರಣದ ತನಿಖೆ ನಡೆಯುತ್ತಿದ್ದು ಸತ್ಯ ಹೊರಬರಲಿದೆ ಎಂದು ಕಾಂಗ್ರೆಸ್ ಮುಖಂಡರು ಹೇಳಿದ್ದಾರೆ. ಮುಡಾ ಅಧ್ಯಕ್ಷರು ರಾಜೀನಾಮೆ ನೀಡಿದ್ದಾರೆ.

ಪೌಷ್ಠಿಕ ಆಹಾರ ವಿತರಣೆಗೆ ಮಿಲೆಟ್ಸ್ ಖರೀದಿ ಹೆಚ್ಚಳ

ಹುಬ್ಬಳ್ಳಿ: ಸರ್ಕಾರದ ಯೋಜನೆಗಳ ಮೂಲಕ ಪೌಷ್ಠಿಕ ಆಹಾರ ವಿತರಣೆಗೆ ಸಿರಿಧಾನ್ಯ ಖರೀದಿ ಹೆಚ್ಚಳ ಮಾಡಲಾಗಿದೆ ಎಂದು ಕೇಂದ್ರ ಸಚಿವ ಪ್ರಹ್ಲಾದ್ ಜೋಶಿ ಹೇಳಿದರು. ರೈತರಿಗೆ ಬೆಂಬಲ ಬೆಲೆ ನೀಡಲಾಗುತ್ತಿದೆ. ಆಹಾರ ಭದ್ರತೆ ಕಾಯ್ದೆ ಅಡಿ ಪಡಿತರ ವ್ಯವಸ್ಥೆಯಲ್ಲಿ ಸಿರಿಧಾನ್ಯ ವಿತರಣೆಗೆ ಆದ್ಯತೆ ನೀಡಲಾಗಿದೆ. ಮಕ್ಕಳು ಹಾಗೂ ಗರ್ಭಿಣಿಯರಿಗೆ ಪೌಷ್ಠಿಕ ಆಹಾರ ಒದಗಿಸಲು ಕ್ರಮ ಕೈಗೊಳ್ಳಲಾಗಿದೆ ಎಂದರು.

ಉಗ್ರನಿಂದ ಸೆಂಟ್ರಲ್ ಜೈಲಿನಿಂದಲೇ ಹನಿಟ್ರ್ಯಾಪ್?

ಕಲಬುರಗಿ: ಇಲ್ಲಿನ ಸೆಂಟ್ರಲ್ ಜೈಲಿನಲ್ಲಿ ಬಂಧಿಯಾಗಿರುವ ಉಗ್ರನೊಬ್ಬ ಜೈಲಿನಿಂದಲೇ ಹನಿಟ್ರ್ಯಾಪ್ ಜಾಲ ನಡೆಸುತ್ತಿದ್ದ ಎಂಬ ಆಘಾತಕಾರಿ ಮಾಹಿತಿ ಬೆಳಕಿಗೆ ಬಂದಿದೆ. ಜೈಲಿನೊಳಗೆ ಮೊಬೈಲ್ ಫೋನ್ ಬಳಸಿ ಯುವತಿಯರ ಹೆಸರಿನಲ್ಲಿ ನಕಲಿ ಖಾತೆ ತೆರೆದು ಗಣ್ಯರನ್ನು ಬಲೆಗೆ ಬೀಳಿಸುತ್ತಿದ್ದ ಎನ್ನಲಾಗಿದೆ. ಈ ಪ್ರಕರಣದ ತನಿಖೆಯನ್ನು ಪೊಲೀಸರು ಚುರುಕುಗೊಳಿಸಿದ್ದಾರೆ. ಜೈಲು ಸಿಬ್ಬಂದಿ ಶಾಮೀಲಾಗಿರುವ ಶಂಕೆ ವ್ಯಕ್ತವಾಗಿದೆ. ಜೈಲಿನಲ್ಲಿ ಮೊಬೈಲ್ ಬಳಕೆ ತಡೆಯಲು ಜಾಮರ್ ಅಳವಡಿಸಿದ್ದರೂ ಅದನ್ನು ಮೀರಿ ಸಂಪರ್ಕ ಸಾಧಿಸಲಾಗುತ್ತಿದೆ. ಈ ಕುರಿತು ಉನ್ನತ ಮಟ್ಟದ ತನಿಖೆಗೆ ಆದೇಶಿಸಲಾಗಿದೆ.

CENTRAL PRISON KALABURAGI

ಮಾಡಲಾಗುತ್ತಿತ್ತು ಎನ್ನಲಾಗಿದೆ. ಜೈಲಿನ ಭದ್ರತಾ ವೈಫಲ್ಯ ಕುರಿತು ಪ್ರಶ್ನೆಗಳು ಎದ್ದಿವೆ. ಈ ಜಾಲದಲ್ಲಿ ಇನ್ನೂ ಹಲವರು ಭಾಗಿಯಾಗಿರುವ ಶಂಕೆ ಇದ್ದು, ಅವರ ಪತ್ತೆಗೆ ಶೋಧ ನಡೆಸಲಾಗುತ್ತಿದೆ. ಹಣಕ್ಕಾಗಿ ಬ್ಲ್ಯಾಕ್‌ಮೇಲ್ ಮಾಡುತ್ತಿದ್ದ ಪ್ರಕರಣಗಳು ಬೆಳಕಿಗೆ ಬಂದಿವೆ. 50,000 ರೂ. ನಿಂದ 1 ಲಕ್ಷ ರೂ. ವರೆಗೆ ವಸೂಲಿ ಮಾಡಲಾಗಿದೆ. ಸಂತ್ರಸ್ತರು ದೂರು ನೀಡಲು ಮುಂದೆ ಬರುವಂತೆ ಪೊಲೀಸರು ಮನವಿ ಮಾಡಿದ್ದಾರೆ. ಜೈಲು ಅಧೀಕ್ಷಕರಿಂದ ವರದಿ ಕೇಳಲಾಗಿದೆ.

ಚರಂಡಿಯಲ್ಲಿ ಕೊಚ್ಚಿಹೋಗಿ ಬಾಲಕ ಸಾವು
OUTDOOR

ಹಾಸನ: ಭಾರೀ ಮಳೆಯಿಂದಾಗಿ ತುಂಬಿ ಹರಿಯುತ್ತಿದ್ದ ಚರಂಡಿಯಲ್ಲಿ ಕಾಲು ಜಾರಿ ಬಿದ್ದ ಬಾಲಕನೊಬ್ಬ ಕೊಚ್ಚಿಹೋಗಿ ಸಾವನ್ನಪ್ಪಿರುವ ಘಟನೆ ನಡೆದಿದೆ. ಮೃತ ಬಾಲಕನನ್ನು 12 ವರ್ಷದ ಬಾಲಕ ಎಂದು ಗುರುತಿಸಲಾಗಿದೆ. ಶಾಲೆ ಮುಗಿಸಿ ಮನೆಗೆ ಮರಳುತ್ತಿದ್ದ ವೇಳೆ ಈ ದುರ್ಘಟನೆ ಸಂಭವಿಸಿದೆ. ಅಗ್ನಿಶಾಮಕ ದಳದ ಸಿಬ್ಬಂದಿ ಹಾಗೂ ಸ್ಥಳೀಯರು ಶೋಧ ಕಾರ್ಯ ನಡೆಸಿ ಮೃತದೇಹ ಹೊರತೆಗೆದರು. ನಗರಸಭೆ ನಿರ್ಲಕ್ಷ್ಯವೇ ಘಟನೆಗೆ ಕಾರಣ ಎಂದು ಸಾರ್ವಜನಿಕರು ಆಕ್ರೋಶ ವ್ಯಕ್ತಪಡಿಸಿದ್ದಾರೆ. ಚರಂಡಿಗೆ ಸ್ಲ್ಯಾಬ್ ಅಳವಡಿಸದ ಕಾರಣ ಈ ಘಟನೆ ನಡೆದಿದೆ. ಮೃತನ ಕುಟುಂಬಕ್ಕೆ ಪರಿಹಾರ ನೀಡುವಂತೆ ಒತ್ತಾಯಿಸಲಾಗಿದೆ.
